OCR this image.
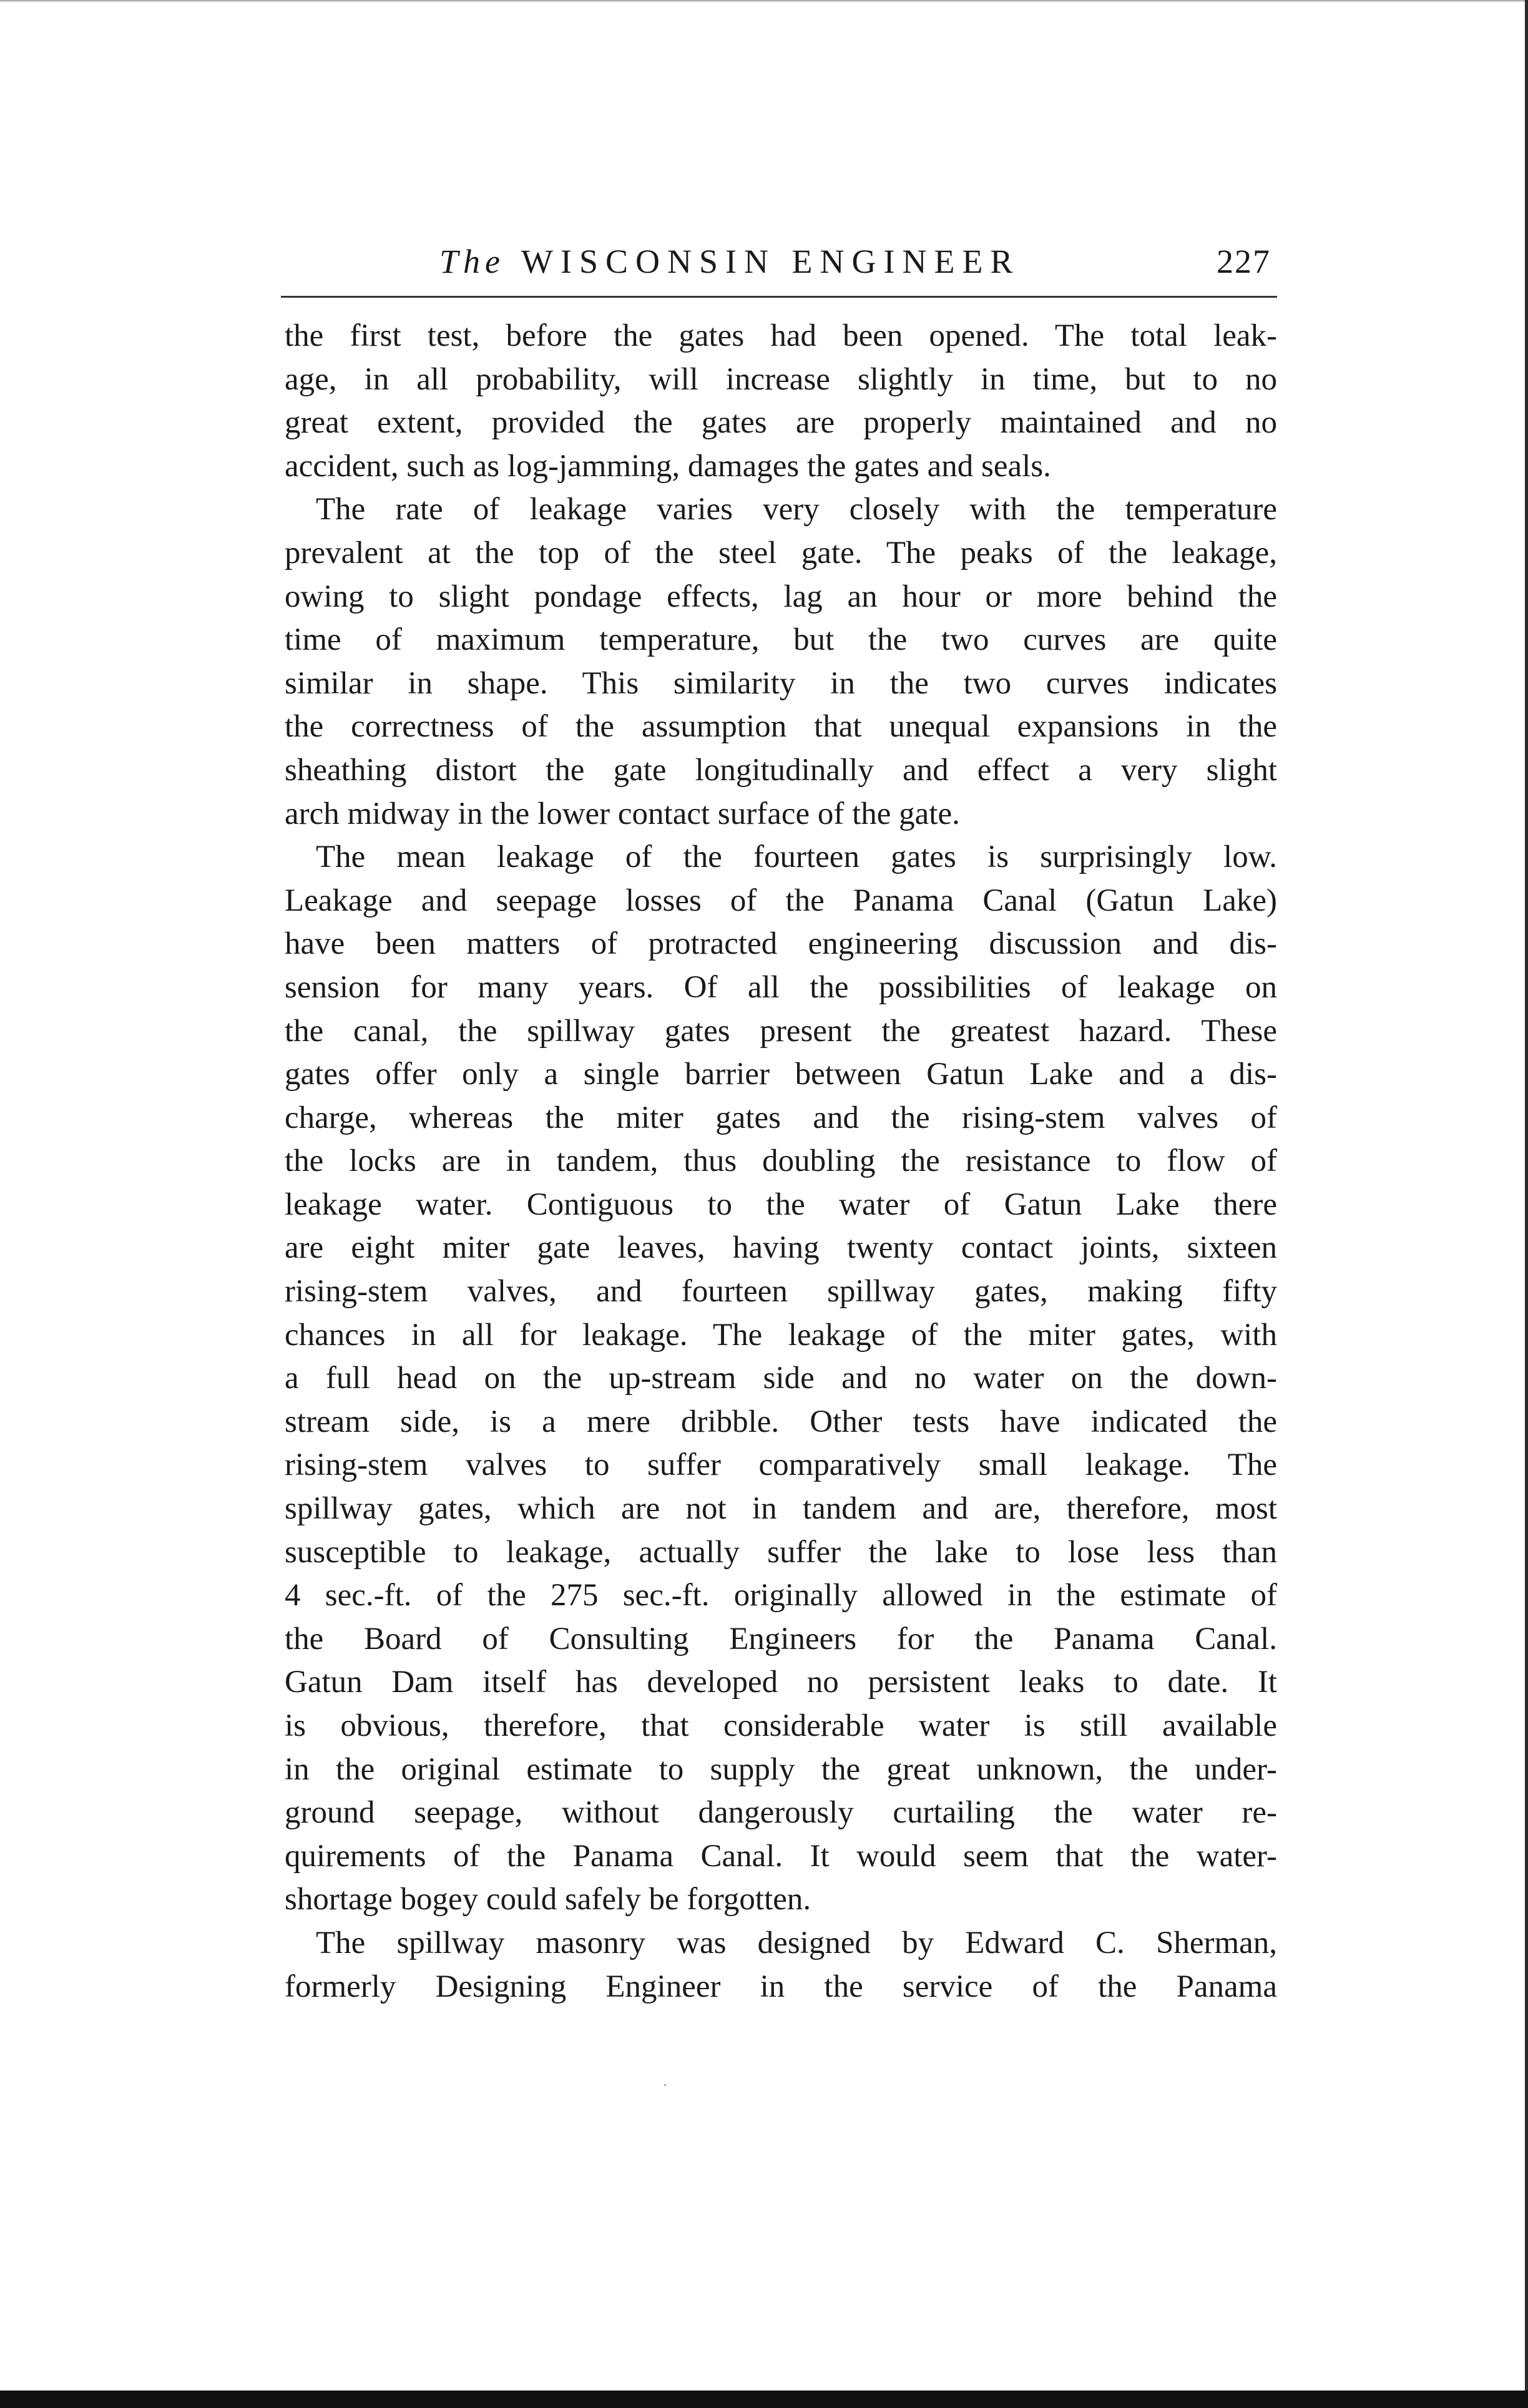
The WISCONSIN ENGINEER	227
the first test, before the gates had been opened. The total leak-
age, in all probability, will increase slightly in time, but to no
great extent, provided the gates are properly maintained and no
accident, such as log-jamming, damages the gates and seals.
The rate of leakage varies very closely with the temperature
prevalent at the top of the steel gate. The peaks of the leakage,
owing to slight pondage effects, lag an hour or more behind the
time of maximum temperature, but the two curves are quite
similar in shape. This similarity in the two curves indicates
the correctness of the assumption that unequal expansions in the
sheathing distort the gate longitudinally and effect a very slight
arch midway in the lower contact surface of the gate.
The mean leakage of the fourteen gates is surprisingly low.
Leakage and seepage losses of the Panama Canal (Gatun Lake)
have been matters of protracted engineering discussion and dis-
sension for many years. Of all the possibilities of leakage on
the canal, the spillway gates present the greatest hazard. These
gates offer only a single barrier between Gatun Lake and a dis-
charge, whereas the miter gates and the rising-stem valves of
the locks are in tandem, thus doubling the resistance to flow of
leakage water. Contiguous to the water of Gatun Lake there
are eight miter gate leaves, having twenty contact joints, sixteen
rising-stem valves, and fourteen spillway gates, making fifty
chances in all for leakage. The leakage of the miter gates, with
a full head on the up-stream side and no water on the down-
stream side, is a mere dribble. Other tests have indicated the
rising-stem valves to suffer comparatively small leakage. The
spillway gates, which are not in tandem and are, therefore, most
susceptible to leakage, actually suffer the lake to lose less than
4 sec.-ft. of the 275 sec.-ft. originally allowed in the estimate of
the Board of Consulting Engineers for the Panama Canal.
Gatun Dam itself has developed no persistent leaks to date. It
is obvious, therefore, that considerable water is still available
in the original estimate to supply the great unknown, the under-
ground seepage, without dangerously curtailing the water re-
quirements of the Panama Canal. It would seem that the water-
shortage bogey could safely be forgotten.
The spillway masonry was designed by Edward C. Sherman,
formerly Designing Engineer in the service of the Panama
